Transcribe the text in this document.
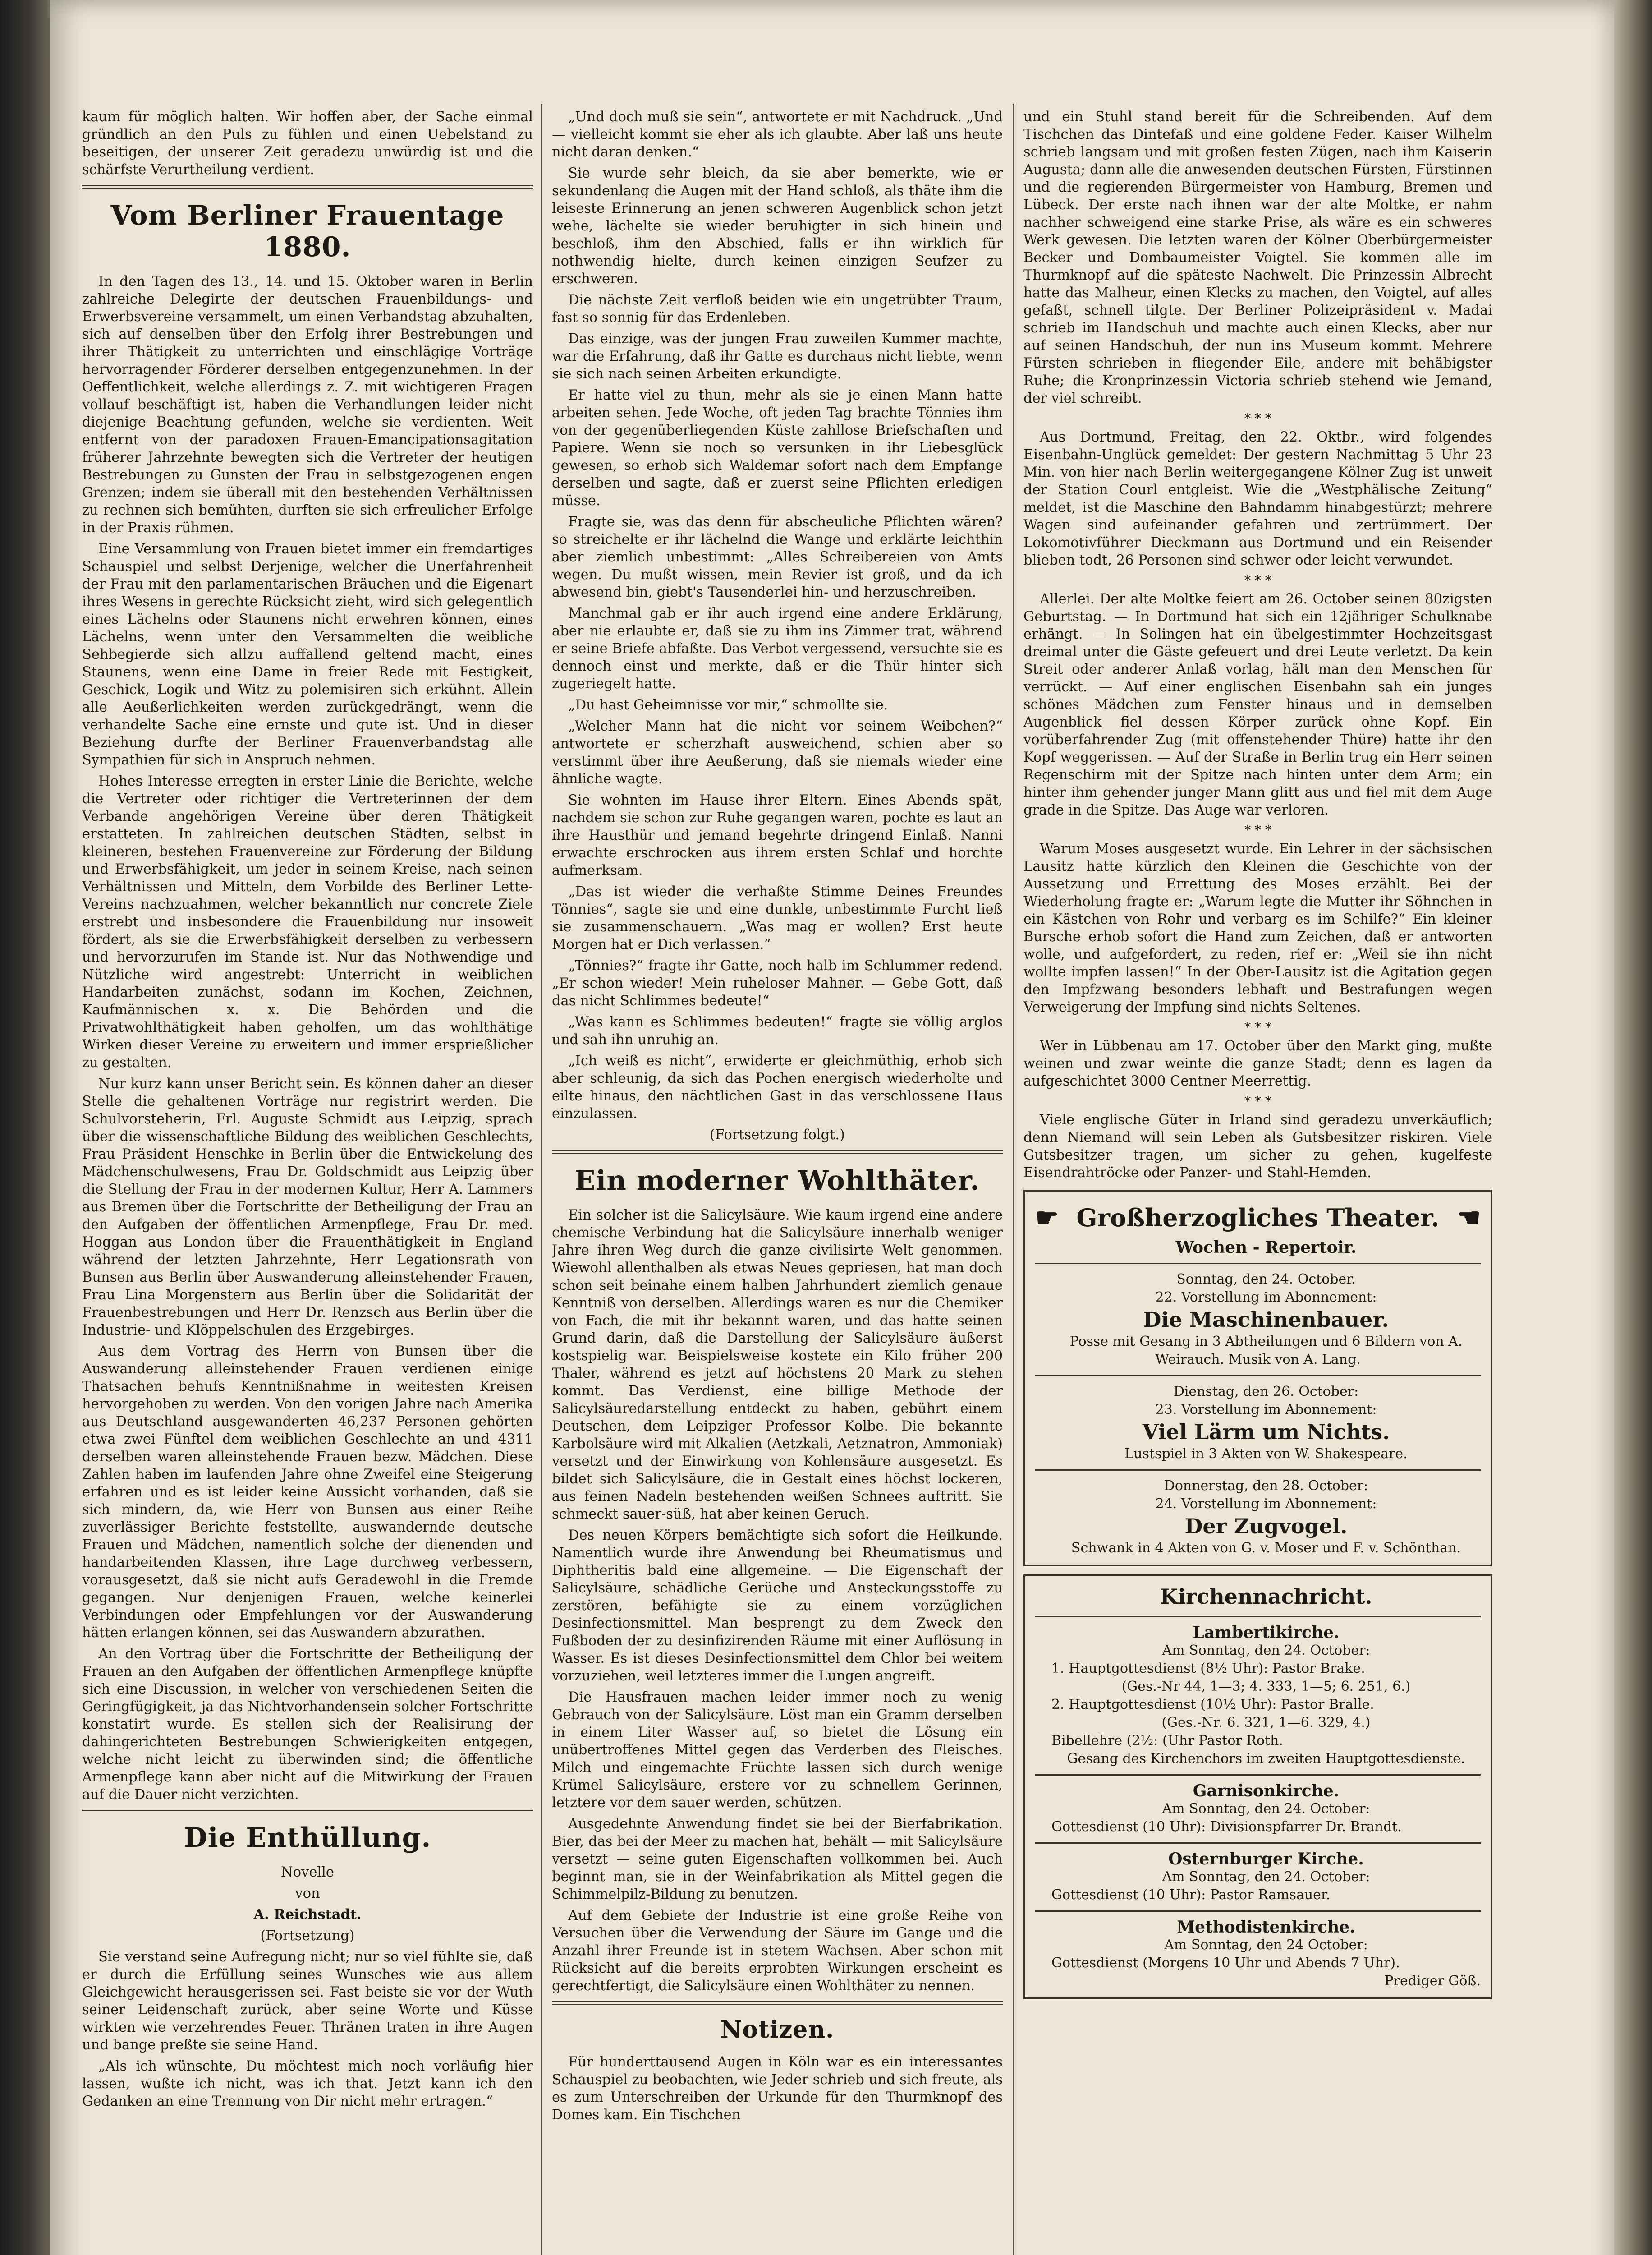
kaum für möglich halten. Wir hoffen aber, der Sache einmal gründlich an den Puls zu fühlen und einen Uebelstand zu beseitigen, der unserer Zeit geradezu unwürdig ist und die schärfste Verurtheilung verdient.

Vom Berliner Frauentage 1880.

In den Tagen des 13., 14. und 15. Oktober waren in Berlin zahlreiche Delegirte der deutschen Frauenbildungs- und Erwerbsvereine versammelt, um einen Verbandstag abzuhalten, sich auf denselben über den Erfolg ihrer Bestrebungen und ihrer Thätigkeit zu unterrichten und einschlägige Vorträge hervorragender Förderer derselben entgegenzunehmen. In der Oeffentlichkeit, welche allerdings z. Z. mit wichtigeren Fragen vollauf beschäftigt ist, haben die Verhandlungen leider nicht diejenige Beachtung gefunden, welche sie verdienten. Weit entfernt von der paradoxen Frauen-Emancipationsagitation früherer Jahrzehnte bewegten sich die Vertreter der heutigen Bestrebungen zu Gunsten der Frau in selbstgezogenen engen Grenzen; indem sie überall mit den bestehenden Verhältnissen zu rechnen sich bemühten, durften sie sich erfreulicher Erfolge in der Praxis rühmen.

Eine Versammlung von Frauen bietet immer ein fremdartiges Schauspiel und selbst Derjenige, welcher die Unerfahrenheit der Frau mit den parlamentarischen Bräuchen und die Eigenart ihres Wesens in gerechte Rücksicht zieht, wird sich gelegentlich eines Lächelns oder Staunens nicht erwehren können, eines Lächelns, wenn unter den Versammelten die weibliche Sehbegierde sich allzu auffallend geltend macht, eines Staunens, wenn eine Dame in freier Rede mit Festigkeit, Geschick, Logik und Witz zu polemisiren sich erkühnt. Allein alle Aeußerlichkeiten werden zurückgedrängt, wenn die verhandelte Sache eine ernste und gute ist. Und in dieser Beziehung durfte der Berliner Frauenverbandstag alle Sympathien für sich in Anspruch nehmen.

Hohes Interesse erregten in erster Linie die Berichte, welche die Vertreter oder richtiger die Vertreterinnen der dem Verbande angehörigen Vereine über deren Thätigkeit erstatteten. In zahlreichen deutschen Städten, selbst in kleineren, bestehen Frauenvereine zur Förderung der Bildung und Erwerbsfähigkeit, um jeder in seinem Kreise, nach seinen Verhältnissen und Mitteln, dem Vorbilde des Berliner Lette-Vereins nachzuahmen, welcher bekanntlich nur concrete Ziele erstrebt und insbesondere die Frauenbildung nur insoweit fördert, als sie die Erwerbsfähigkeit derselben zu verbessern und hervorzurufen im Stande ist. Nur das Nothwendige und Nützliche wird angestrebt: Unterricht in weiblichen Handarbeiten zunächst, sodann im Kochen, Zeichnen, Kaufmännischen x. x. Die Behörden und die Privatwohlthätigkeit haben geholfen, um das wohlthätige Wirken dieser Vereine zu erweitern und immer ersprießlicher zu gestalten.

Nur kurz kann unser Bericht sein. Es können daher an dieser Stelle die gehaltenen Vorträge nur registrirt werden. Die Schulvorsteherin, Frl. Auguste Schmidt aus Leipzig, sprach über die wissenschaftliche Bildung des weiblichen Geschlechts, Frau Präsident Henschke in Berlin über die Entwickelung des Mädchenschulwesens, Frau Dr. Goldschmidt aus Leipzig über die Stellung der Frau in der modernen Kultur, Herr A. Lammers aus Bremen über die Fortschritte der Betheiligung der Frau an den Aufgaben der öffentlichen Armenpflege, Frau Dr. med. Hoggan aus London über die Frauenthätigkeit in England während der letzten Jahrzehnte, Herr Legationsrath von Bunsen aus Berlin über Auswanderung alleinstehender Frauen, Frau Lina Morgenstern aus Berlin über die Solidarität der Frauenbestrebungen und Herr Dr. Renzsch aus Berlin über die Industrie- und Klöppelschulen des Erzgebirges.

Aus dem Vortrag des Herrn von Bunsen über die Auswanderung alleinstehender Frauen verdienen einige Thatsachen behufs Kenntnißnahme in weitesten Kreisen hervorgehoben zu werden. Von den vorigen Jahre nach Amerika aus Deutschland ausgewanderten 46,237 Personen gehörten etwa zwei Fünftel dem weiblichen Geschlechte an und 4311 derselben waren alleinstehende Frauen bezw. Mädchen. Diese Zahlen haben im laufenden Jahre ohne Zweifel eine Steigerung erfahren und es ist leider keine Aussicht vorhanden, daß sie sich mindern, da, wie Herr von Bunsen aus einer Reihe zuverlässiger Berichte feststellte, auswandernde deutsche Frauen und Mädchen, namentlich solche der dienenden und handarbeitenden Klassen, ihre Lage durchweg verbessern, vorausgesetzt, daß sie nicht aufs Geradewohl in die Fremde gegangen. Nur denjenigen Frauen, welche keinerlei Verbindungen oder Empfehlungen vor der Auswanderung hätten erlangen können, sei das Auswandern abzurathen.

An den Vortrag über die Fortschritte der Betheiligung der Frauen an den Aufgaben der öffentlichen Armenpflege knüpfte sich eine Discussion, in welcher von verschiedenen Seiten die Geringfügigkeit, ja das Nichtvorhandensein solcher Fortschritte konstatirt wurde. Es stellen sich der Realisirung der dahingerichteten Bestrebungen Schwierigkeiten entgegen, welche nicht leicht zu überwinden sind; die öffentliche Armenpflege kann aber nicht auf die Mitwirkung der Frauen auf die Dauer nicht verzichten.

Die Enthüllung.

Novelle

von

A. Reichstadt.

(Fortsetzung)

Sie verstand seine Aufregung nicht; nur so viel fühlte sie, daß er durch die Erfüllung seines Wunsches wie aus allem Gleichgewicht herausgerissen sei. Fast beiste sie vor der Wuth seiner Leidenschaft zurück, aber seine Worte und Küsse wirkten wie verzehrendes Feuer. Thränen traten in ihre Augen und bange preßte sie seine Hand.

„Als ich wünschte, Du möchtest mich noch vorläufig hier lassen, wußte ich nicht, was ich that. Jetzt kann ich den Gedanken an eine Trennung von Dir nicht mehr ertragen.“

„Und doch muß sie sein“, antwortete er mit Nachdruck. „Und — vielleicht kommt sie eher als ich glaubte. Aber laß uns heute nicht daran denken.“

Sie wurde sehr bleich, da sie aber bemerkte, wie er sekundenlang die Augen mit der Hand schloß, als thäte ihm die leiseste Erinnerung an jenen schweren Augenblick schon jetzt wehe, lächelte sie wieder beruhigter in sich hinein und beschloß, ihm den Abschied, falls er ihn wirklich für nothwendig hielte, durch keinen einzigen Seufzer zu erschweren.

Die nächste Zeit verfloß beiden wie ein ungetrübter Traum, fast so sonnig für das Erdenleben.

Das einzige, was der jungen Frau zuweilen Kummer machte, war die Erfahrung, daß ihr Gatte es durchaus nicht liebte, wenn sie sich nach seinen Arbeiten erkundigte.

Er hatte viel zu thun, mehr als sie je einen Mann hatte arbeiten sehen. Jede Woche, oft jeden Tag brachte Tönnies ihm von der gegenüberliegenden Küste zahllose Briefschaften und Papiere. Wenn sie noch so versunken in ihr Liebesglück gewesen, so erhob sich Waldemar sofort nach dem Empfange derselben und sagte, daß er zuerst seine Pflichten erledigen müsse.

Fragte sie, was das denn für abscheuliche Pflichten wären? so streichelte er ihr lächelnd die Wange und erklärte leichthin aber ziemlich unbestimmt: „Alles Schreibereien von Amts wegen. Du mußt wissen, mein Revier ist groß, und da ich abwesend bin, giebt's Tausenderlei hin- und herzuschreiben.

Manchmal gab er ihr auch irgend eine andere Erklärung, aber nie erlaubte er, daß sie zu ihm ins Zimmer trat, während er seine Briefe abfaßte. Das Verbot vergessend, versuchte sie es dennoch einst und merkte, daß er die Thür hinter sich zugeriegelt hatte.

„Du hast Geheimnisse vor mir,“ schmollte sie.

„Welcher Mann hat die nicht vor seinem Weibchen?“ antwortete er scherzhaft ausweichend, schien aber so verstimmt über ihre Aeußerung, daß sie niemals wieder eine ähnliche wagte.

Sie wohnten im Hause ihrer Eltern. Eines Abends spät, nachdem sie schon zur Ruhe gegangen waren, pochte es laut an ihre Hausthür und jemand begehrte dringend Einlaß. Nanni erwachte erschrocken aus ihrem ersten Schlaf und horchte aufmerksam.

„Das ist wieder die verhaßte Stimme Deines Freundes Tönnies“, sagte sie und eine dunkle, unbestimmte Furcht ließ sie zusammenschauern. „Was mag er wollen? Erst heute Morgen hat er Dich verlassen.“

„Tönnies?“ fragte ihr Gatte, noch halb im Schlummer redend. „Er schon wieder! Mein ruheloser Mahner. — Gebe Gott, daß das nicht Schlimmes bedeute!“

„Was kann es Schlimmes bedeuten!“ fragte sie völlig arglos und sah ihn unruhig an.

„Ich weiß es nicht“, erwiderte er gleichmüthig, erhob sich aber schleunig, da sich das Pochen energisch wiederholte und eilte hinaus, den nächtlichen Gast in das verschlossene Haus einzulassen.

(Fortsetzung folgt.)

Ein moderner Wohlthäter.

Ein solcher ist die Salicylsäure. Wie kaum irgend eine andere chemische Verbindung hat die Salicylsäure innerhalb weniger Jahre ihren Weg durch die ganze civilisirte Welt genommen. Wiewohl allenthalben als etwas Neues gepriesen, hat man doch schon seit beinahe einem halben Jahrhundert ziemlich genaue Kenntniß von derselben. Allerdings waren es nur die Chemiker von Fach, die mit ihr bekannt waren, und das hatte seinen Grund darin, daß die Darstellung der Salicylsäure äußerst kostspielig war. Beispielsweise kostete ein Kilo früher 200 Thaler, während es jetzt auf höchstens 20 Mark zu stehen kommt. Das Verdienst, eine billige Methode der Salicylsäuredarstellung entdeckt zu haben, gebührt einem Deutschen, dem Leipziger Professor Kolbe. Die bekannte Karbolsäure wird mit Alkalien (Aetzkali, Aetznatron, Ammoniak) versetzt und der Einwirkung von Kohlensäure ausgesetzt. Es bildet sich Salicylsäure, die in Gestalt eines höchst lockeren, aus feinen Nadeln bestehenden weißen Schnees auftritt. Sie schmeckt sauer-süß, hat aber keinen Geruch.

Des neuen Körpers bemächtigte sich sofort die Heilkunde. Namentlich wurde ihre Anwendung bei Rheumatismus und Diphtheritis bald eine allgemeine. — Die Eigenschaft der Salicylsäure, schädliche Gerüche und Ansteckungsstoffe zu zerstören, befähigte sie zu einem vorzüglichen Desinfectionsmittel. Man besprengt zu dem Zweck den Fußboden der zu desinfizirenden Räume mit einer Auflösung in Wasser. Es ist dieses Desinfectionsmittel dem Chlor bei weitem vorzuziehen, weil letzteres immer die Lungen angreift.

Die Hausfrauen machen leider immer noch zu wenig Gebrauch von der Salicylsäure. Löst man ein Gramm derselben in einem Liter Wasser auf, so bietet die Lösung ein unübertroffenes Mittel gegen das Verderben des Fleisches. Milch und eingemachte Früchte lassen sich durch wenige Krümel Salicylsäure, erstere vor zu schnellem Gerinnen, letztere vor dem sauer werden, schützen.

Ausgedehnte Anwendung findet sie bei der Bierfabrikation. Bier, das bei der Meer zu machen hat, behält — mit Salicylsäure versetzt — seine guten Eigenschaften vollkommen bei. Auch beginnt man, sie in der Weinfabrikation als Mittel gegen die Schimmelpilz-Bildung zu benutzen.

Auf dem Gebiete der Industrie ist eine große Reihe von Versuchen über die Verwendung der Säure im Gange und die Anzahl ihrer Freunde ist in stetem Wachsen. Aber schon mit Rücksicht auf die bereits erprobten Wirkungen erscheint es gerechtfertigt, die Salicylsäure einen Wohlthäter zu nennen.

Notizen.

Für hunderttausend Augen in Köln war es ein interessantes Schauspiel zu beobachten, wie Jeder schrieb und sich freute, als es zum Unterschreiben der Urkunde für den Thurmknopf des Domes kam. Ein Tischchen

und ein Stuhl stand bereit für die Schreibenden. Auf dem Tischchen das Dintefaß und eine goldene Feder. Kaiser Wilhelm schrieb langsam und mit großen festen Zügen, nach ihm Kaiserin Augusta; dann alle die anwesenden deutschen Fürsten, Fürstinnen und die regierenden Bürgermeister von Hamburg, Bremen und Lübeck. Der erste nach ihnen war der alte Moltke, er nahm nachher schweigend eine starke Prise, als wäre es ein schweres Werk gewesen. Die letzten waren der Kölner Oberbürgermeister Becker und Dombaumeister Voigtel. Sie kommen alle im Thurmknopf auf die späteste Nachwelt. Die Prinzessin Albrecht hatte das Malheur, einen Klecks zu machen, den Voigtel, auf alles gefaßt, schnell tilgte. Der Berliner Polizeipräsident v. Madai schrieb im Handschuh und machte auch einen Klecks, aber nur auf seinen Handschuh, der nun ins Museum kommt. Mehrere Fürsten schrieben in fliegender Eile, andere mit behäbigster Ruhe; die Kronprinzessin Victoria schrieb stehend wie Jemand, der viel schreibt.

* * *

Aus Dortmund, Freitag, den 22. Oktbr., wird folgendes Eisenbahn-Unglück gemeldet: Der gestern Nachmittag 5 Uhr 23 Min. von hier nach Berlin weitergegangene Kölner Zug ist unweit der Station Courl entgleist. Wie die „Westphälische Zeitung“ meldet, ist die Maschine den Bahndamm hinabgestürzt; mehrere Wagen sind aufeinander gefahren und zertrümmert. Der Lokomotivführer Dieckmann aus Dortmund und ein Reisender blieben todt, 26 Personen sind schwer oder leicht verwundet.

* * *

Allerlei. Der alte Moltke feiert am 26. October seinen 80zigsten Geburtstag. — In Dortmund hat sich ein 12jähriger Schulknabe erhängt. — In Solingen hat ein übelgestimmter Hochzeitsgast dreimal unter die Gäste gefeuert und drei Leute verletzt. Da kein Streit oder anderer Anlaß vorlag, hält man den Menschen für verrückt. — Auf einer englischen Eisenbahn sah ein junges schönes Mädchen zum Fenster hinaus und in demselben Augenblick fiel dessen Körper zurück ohne Kopf. Ein vorüberfahrender Zug (mit offenstehender Thüre) hatte ihr den Kopf weggerissen. — Auf der Straße in Berlin trug ein Herr seinen Regenschirm mit der Spitze nach hinten unter dem Arm; ein hinter ihm gehender junger Mann glitt aus und fiel mit dem Auge grade in die Spitze. Das Auge war verloren.

* * *

Warum Moses ausgesetzt wurde. Ein Lehrer in der sächsischen Lausitz hatte kürzlich den Kleinen die Geschichte von der Aussetzung und Errettung des Moses erzählt. Bei der Wiederholung fragte er: „Warum legte die Mutter ihr Söhnchen in ein Kästchen von Rohr und verbarg es im Schilfe?“ Ein kleiner Bursche erhob sofort die Hand zum Zeichen, daß er antworten wolle, und aufgefordert, zu reden, rief er: „Weil sie ihn nicht wollte impfen lassen!“ In der Ober-Lausitz ist die Agitation gegen den Impfzwang besonders lebhaft und Bestrafungen wegen Verweigerung der Impfung sind nichts Seltenes.

* * *

Wer in Lübbenau am 17. October über den Markt ging, mußte weinen und zwar weinte die ganze Stadt; denn es lagen da aufgeschichtet 3000 Centner Meerrettig.

* * *

Viele englische Güter in Irland sind geradezu unverkäuflich; denn Niemand will sein Leben als Gutsbesitzer riskiren. Viele Gutsbesitzer tragen, um sicher zu gehen, kugelfeste Eisendrahtröcke oder Panzer- und Stahl-Hemden.

☛ Großherzogliches Theater. ☚

Wochen - Repertoir.

Sonntag, den 24. October.

22. Vorstellung im Abonnement:

Die Maschinenbauer.

Posse mit Gesang in 3 Abtheilungen und 6 Bildern von A. Weirauch. Musik von A. Lang.

Dienstag, den 26. October:

23. Vorstellung im Abonnement:

Viel Lärm um Nichts.

Lustspiel in 3 Akten von W. Shakespeare.

Donnerstag, den 28. October:

24. Vorstellung im Abonnement:

Der Zugvogel.

Schwank in 4 Akten von G. v. Moser und F. v. Schönthan.

Kirchennachricht.

Lambertikirche.

Am Sonntag, den 24. October:

1. Hauptgottesdienst (8½ Uhr): Pastor Brake.

(Ges.-Nr 44, 1—3; 4. 333, 1—5; 6. 251, 6.)

2. Hauptgottesdienst (10½ Uhr): Pastor Bralle.

(Ges.-Nr. 6. 321, 1—6. 329, 4.)

Bibellehre (2½: (Uhr Pastor Roth.

Gesang des Kirchenchors im zweiten Hauptgottesdienste.

Garnisonkirche.

Am Sonntag, den 24. October:

Gottesdienst (10 Uhr): Divisionspfarrer Dr. Brandt.

Osternburger Kirche.

Am Sonntag, den 24. October:

Gottesdienst (10 Uhr): Pastor Ramsauer.

Methodistenkirche.

Am Sonntag, den 24 October:

Gottesdienst (Morgens 10 Uhr und Abends 7 Uhr).

Prediger Göß.
